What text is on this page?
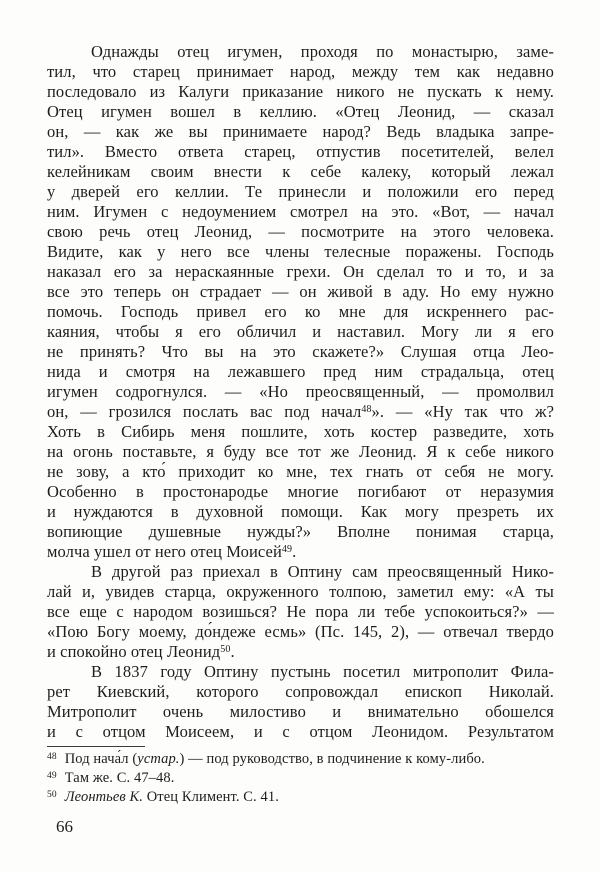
Однажды отец игумен, проходя по монастырю, заме-
тил, что старец принимает народ, между тем как недавно
последовало из Калуги приказание никого не пускать к нему.
Отец игумен вошел в келлию. «Отец Леонид, — сказал
он, — как же вы принимаете народ? Ведь владыка запре-
тил». Вместо ответа старец, отпустив посетителей, велел
келейникам своим внести к себе калеку, который лежал
у дверей его келлии. Те принесли и положили его перед
ним. Игумен с недоумением смотрел на это. «Вот, — начал
свою речь отец Леонид, — посмотрите на этого человека.
Видите, как у него все члены телесные поражены. Господь
наказал его за нераскаянные грехи. Он сделал то и то, и за
все это теперь он страдает — он живой в аду. Но ему нужно
помочь. Господь привел его ко мне для искреннего рас-
каяния, чтобы я его обличил и наставил. Могу ли я его
не принять? Что вы на это скажете?» Слушая отца Лео-
нида и смотря на лежавшего пред ним страдальца, отец
игумен содрогнулся. — «Но преосвященный, — промолвил
он, — грозился послать вас под начал$^{48}$». — «Ну так что ж?
Хоть в Сибирь меня пошлите, хоть костер разведите, хоть
на огонь поставьте, я буду все тот же Леонид. Я к себе никого
не зову, а кто́ приходит ко мне, тех гнать от себя не могу.
Особенно в простонародье многие погибают от неразумия
и нуждаются в духовной помощи. Как могу презреть их
вопиющие душевные нужды?» Вполне понимая старца,
молча ушел от него отец Моисей$^{49}$.
В другой раз приехал в Оптину сам преосвященный Нико-
лай и, увидев старца, окруженного толпою, заметил ему: «А ты
все еще с народом возишься? Не пора ли тебе успокоиться?» —
«Пою Богу моему, до́ндеже есмь» (Пс. 145, 2), — отвечал твердо
и спокойно отец Леонид$^{50}$.
В 1837 году Оптину пустынь посетил митрополит Фила-
рет Киевский, которого сопровождал епископ Николай.
Митрополит очень милостиво и внимательно обошелся
и с отцом Моисеем, и с отцом Леонидом. Результатом
$^{48}$ Под нача́л (устар.) — под руководство, в подчинение к кому-либо.
$^{49}$ Там же. С. 47–48.
$^{50}$ Леонтьев К. Отец Климент. С. 41.
66
